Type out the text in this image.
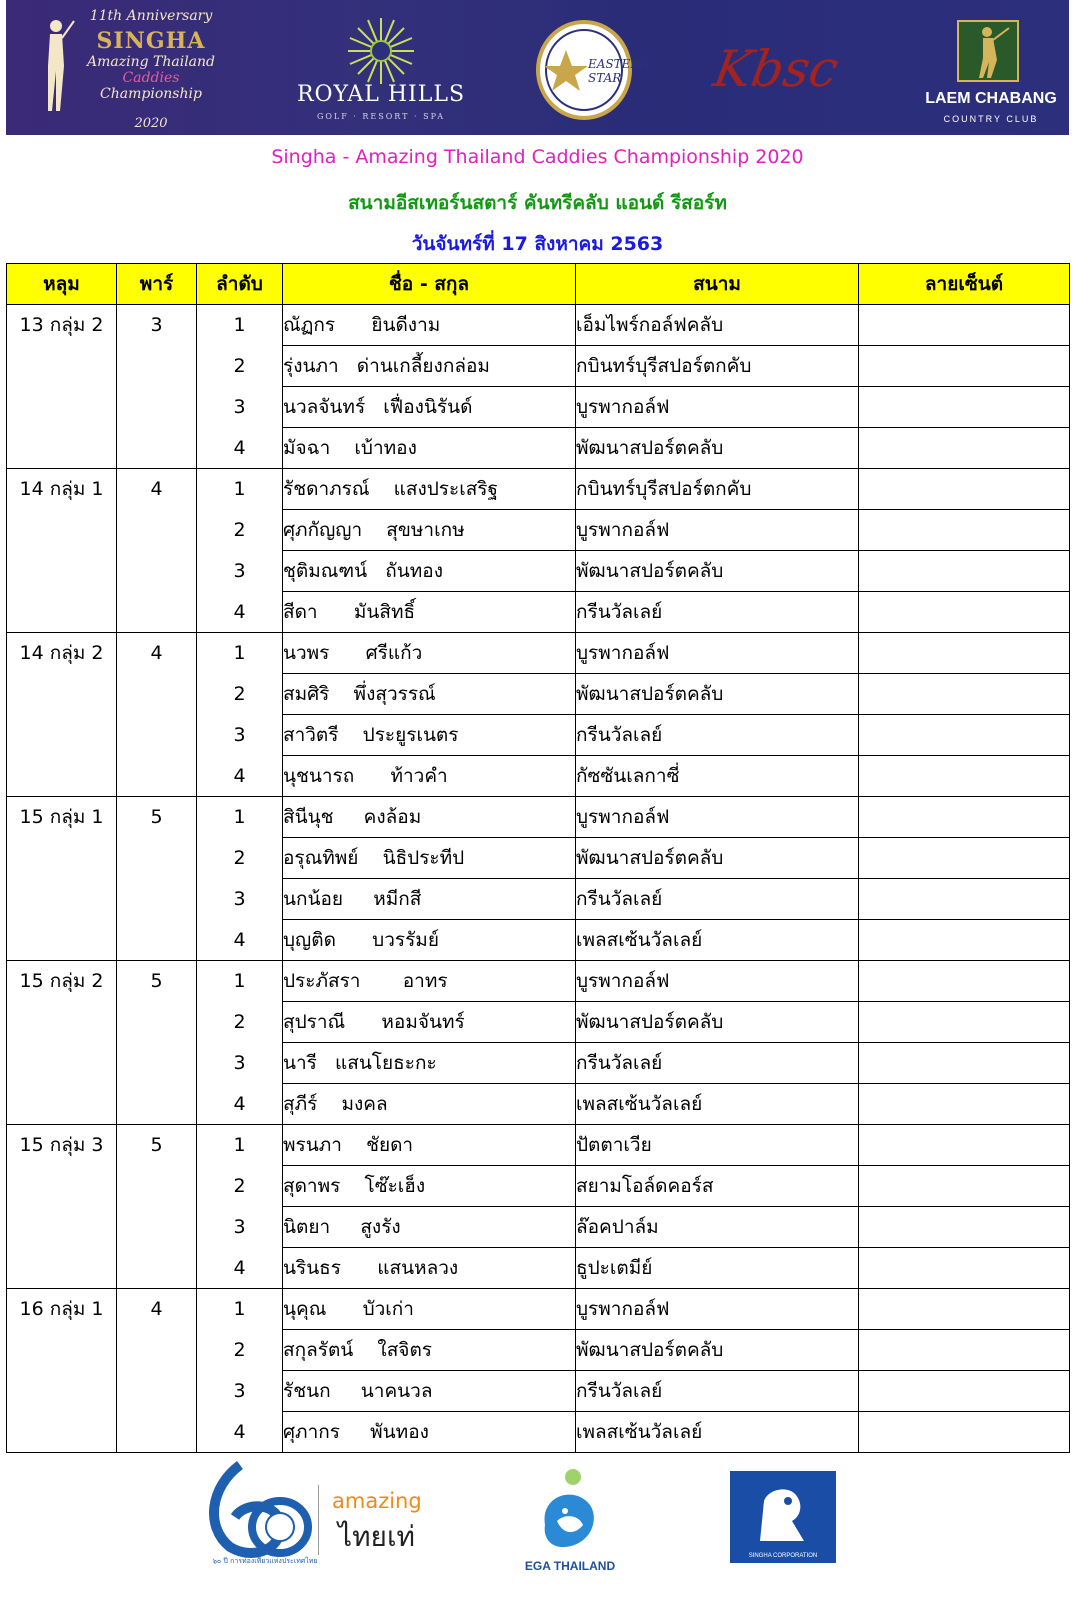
11th Anniversary
SINGHA
Amazing Thailand
Caddies
Championship
2020
ROYAL HILLS
GOLF · RESORT · SPA
EASTERN
STAR	Kbsc
LAEM CHABANG
COUNTRY CLUB
Singha - Amazing Thailand Caddies Championship 2020
สนามอีสเทอร์นสตาร์ คันทรีคลับ แอนด์ รีสอร์ท
วันจันทร์ที่ 17 สิงหาคม 2563
หลุม	พาร์	ลำดับ	ชื่อ - สกุล	สนาม	ลายเซ็นต์
13 กลุ่ม 2	3	1	ณัฏกร      ยินดีงาม	เอ็มไพร์กอล์ฟคลับ	
		2	รุ่งนภา   ด่านเกลี้ยงกล่อม	กบินทร์บุรีสปอร์ตกคับ	
		3	นวลจันทร์   เฟื่องนิรันด์	บูรพากอล์ฟ	
		4	มัจฉา    เบ้าทอง	พัฒนาสปอร์ตคลับ	
14 กลุ่ม 1	4	1	รัชดาภรณ์    แสงประเสริฐ	กบินทร์บุรีสปอร์ตกคับ	
		2	ศุภกัญญา    สุขษาเกษ	บูรพากอล์ฟ	
		3	ชุติมณฑน์   ถันทอง	พัฒนาสปอร์ตคลับ	
		4	สีดา      มันสิทธิ์	กรีนวัลเลย์	
14 กลุ่ม 2	4	1	นวพร      ศรีแก้ว	บูรพากอล์ฟ	
		2	สมศิริ    พึ่งสุวรรณ์	พัฒนาสปอร์ตคลับ	
		3	สาวิตรี    ประยูรเนตร	กรีนวัลเลย์	
		4	นุชนารถ      ท้าวคำ	กัซซันเลกาซี่	
15 กลุ่ม 1	5	1	สินีนุช     คงล้อม	บูรพากอล์ฟ	
		2	อรุณทิพย์    นิธิประทีป	พัฒนาสปอร์ตคลับ	
		3	นกน้อย     หมีกสี	กรีนวัลเลย์	
		4	บุญติด      บวรรัมย์	เพลสเซ้นวัลเลย์	
15 กลุ่ม 2	5	1	ประภัสรา       อาทร	บูรพากอล์ฟ	
		2	สุปราณี      หอมจันทร์	พัฒนาสปอร์ตคลับ	
		3	นารี   แสนโยธะกะ	กรีนวัลเลย์	
		4	สุภีร์    มงคล	เพลสเซ้นวัลเลย์	
15 กลุ่ม 3	5	1	พรนภา    ชัยดา	ปัตตาเวีย	
		2	สุดาพร    โซ๊ะเฮ็ง	สยามโอล์ดคอร์ส	
		3	นิตยา     สูงรัง	ล๊อคปาล์ม	
		4	นรินธร      แสนหลวง	ธูปะเตมีย์	
16 กลุ่ม 1	4	1	นุคุณ      บัวเก่า	บูรพากอล์ฟ	
		2	สกุลรัตน์    ใสจิตร	พัฒนาสปอร์ตคลับ	
		3	รัชนก     นาคนวล	กรีนวัลเลย์	
		4	ศุภากร     พันทอง	เพลสเซ้นวัลเลย์	
๖๐ ปี การท่องเที่ยวแห่งประเทศไทย
amazing
ไทยเท่
EGA THAILAND
SINGHA CORPORATION
